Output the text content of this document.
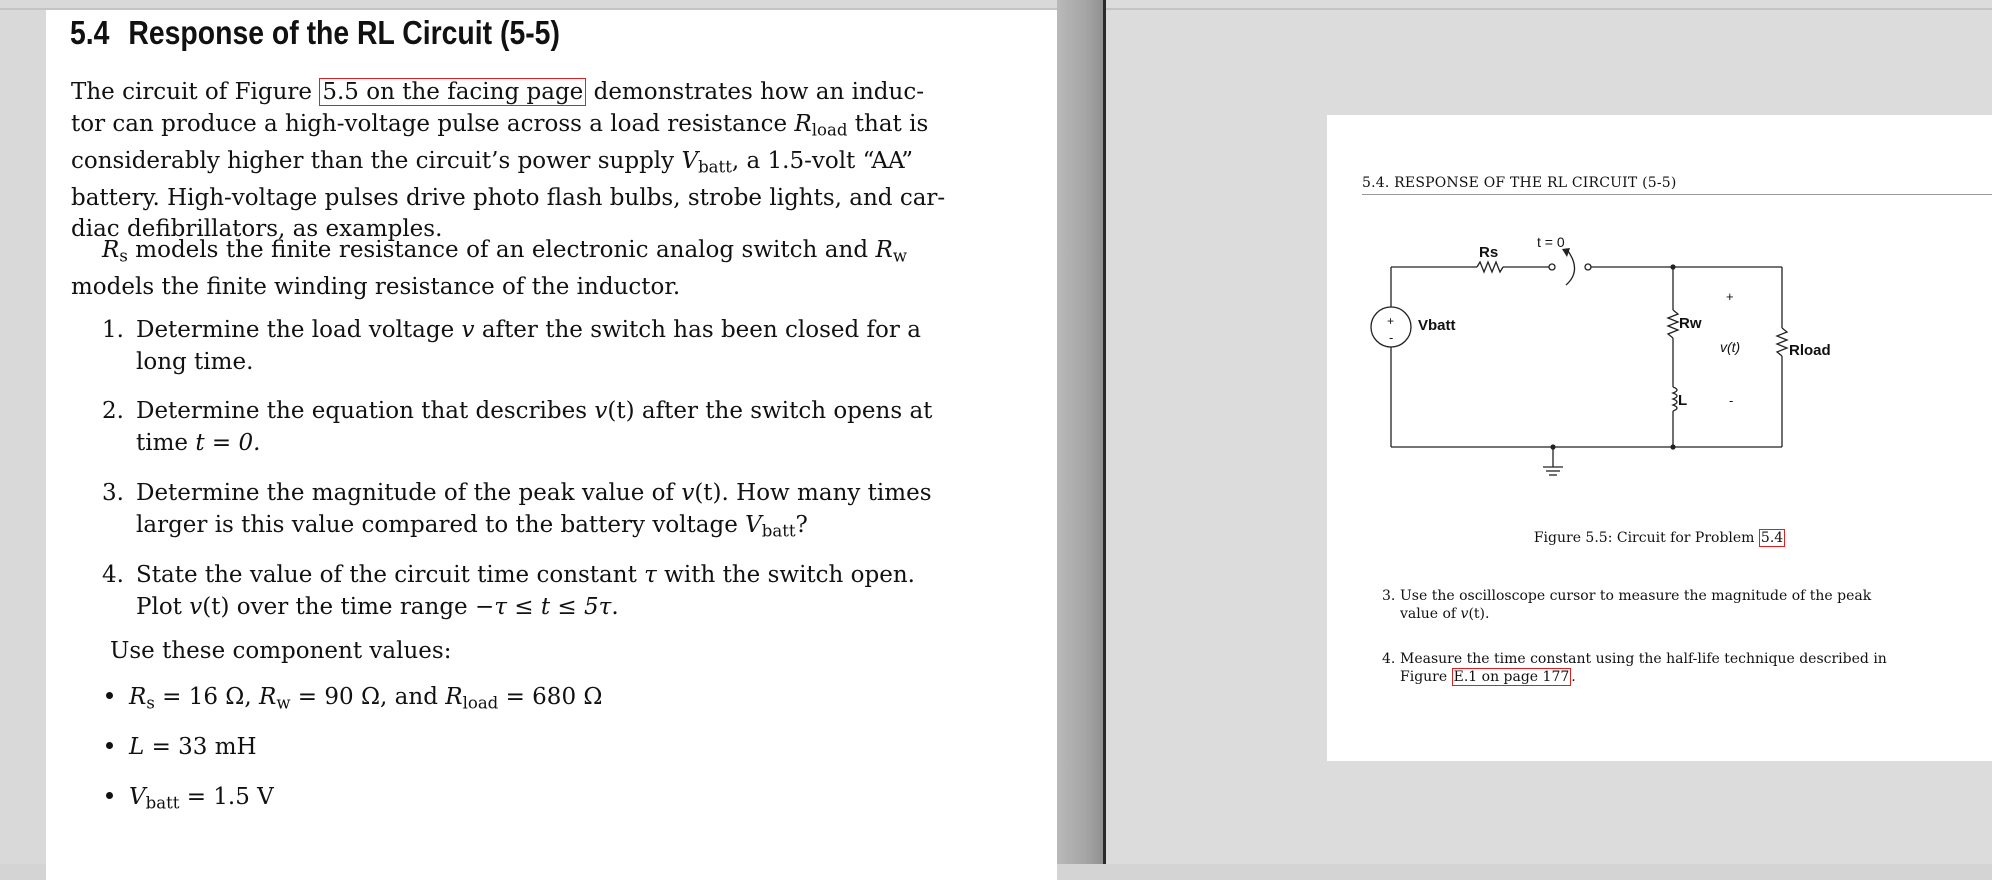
5.4 Response of the RL Circuit (5-5)
The circuit of Figure 5.5 on the facing page demonstrates how an induc-
tor can produce a high-voltage pulse across a load resistance $R_{load}$ that is
considerably higher than the circuit’s power supply $V_{batt}$, a 1.5-volt “AA”
battery. High-voltage pulses drive photo flash bulbs, strobe lights, and car-
diac defibrillators, as examples.
$R_s$ models the finite resistance of an electronic analog switch and $R_w$
models the finite winding resistance of the inductor.
1. Determine the load voltage v after the switch has been closed for a
long time.
2. Determine the equation that describes v(t) after the switch opens at
time t = 0.
3. Determine the magnitude of the peak value of v(t). How many times
larger is this value compared to the battery voltage $V_{batt}$?
4. State the value of the circuit time constant τ with the switch open.
Plot v(t) over the time range −τ ≤ t ≤ 5τ.
Use these component values:
$R_s = 16$ Ω, $R_w = 90$ Ω, and $R_{load} = 680$ Ω
L = 33 mH
$V_{batt} = 1.5$ V
5.4. RESPONSE OF THE RL CIRCUIT (5-5)
Rs
t = 0
Vbatt
+
-
Rw
L
+
-
v(t)	Rload
Figure 5.5: Circuit for Problem 5.4
3. Use the oscilloscope cursor to measure the magnitude of the peak
value of v(t).
4. Measure the time constant using the half-life technique described in
Figure E.1 on page 177 .
